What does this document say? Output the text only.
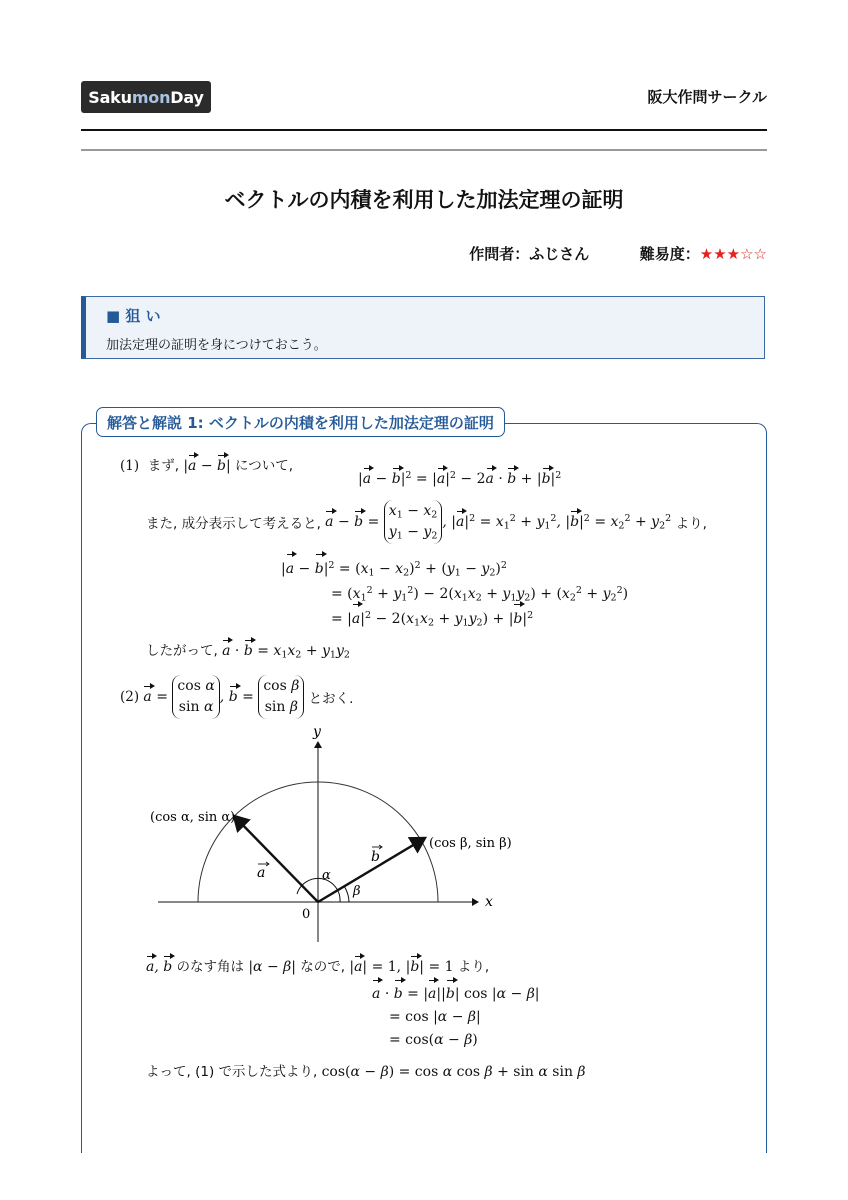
Saku mon Day	阪大作問サークル
ベクトルの内積を利用した加法定理の証明
作問者：ふじさん	難易度：★★★☆☆
■ 狙 い
加法定理の証明を身につけておこう。
解答と解説 1: ベクトルの内積を利用した加法定理の証明
(1) まず, |a − b| について,
$|a - b|^2 = |a|^2 - 2a \cdot b + |b|^2$
また, 成分表示して考えると,
a − b =
$x_1 - x_2$
$y_1 - y_2$
, $|a|^2 = x_1^2 + y_1^2$, $|b|^2 = x_2^2 + y_2^2$ より,
$|a - b|^2 = (x_1 - x_2)^2 + (y_1 - y_2)^2$
= $(x_1^2 + y_1^2) - 2(x_1x_2 + y_1y_2) + (x_2^2 + y_2^2)$
= $|a|^2 - 2(x_1x_2 + y_1y_2) + |b|^2$
したがって, $a \cdot b = x_1x_2 + y_1y_2$
(2)
a =
cos α
sin α
, b =
cos β
sin β
とおく.
x
y
0
(cos α, sin α)
(cos β, sin β)
α
β
a
b
a, b のなす角は |α − β| なので, |a| = 1, |b| = 1 より,
a · b = |a||b| cos |α − β|
= cos |α − β|
= cos(α − β)
よって, (1) で示した式より, cos(α − β) = cos α cos β + sin α sin β
